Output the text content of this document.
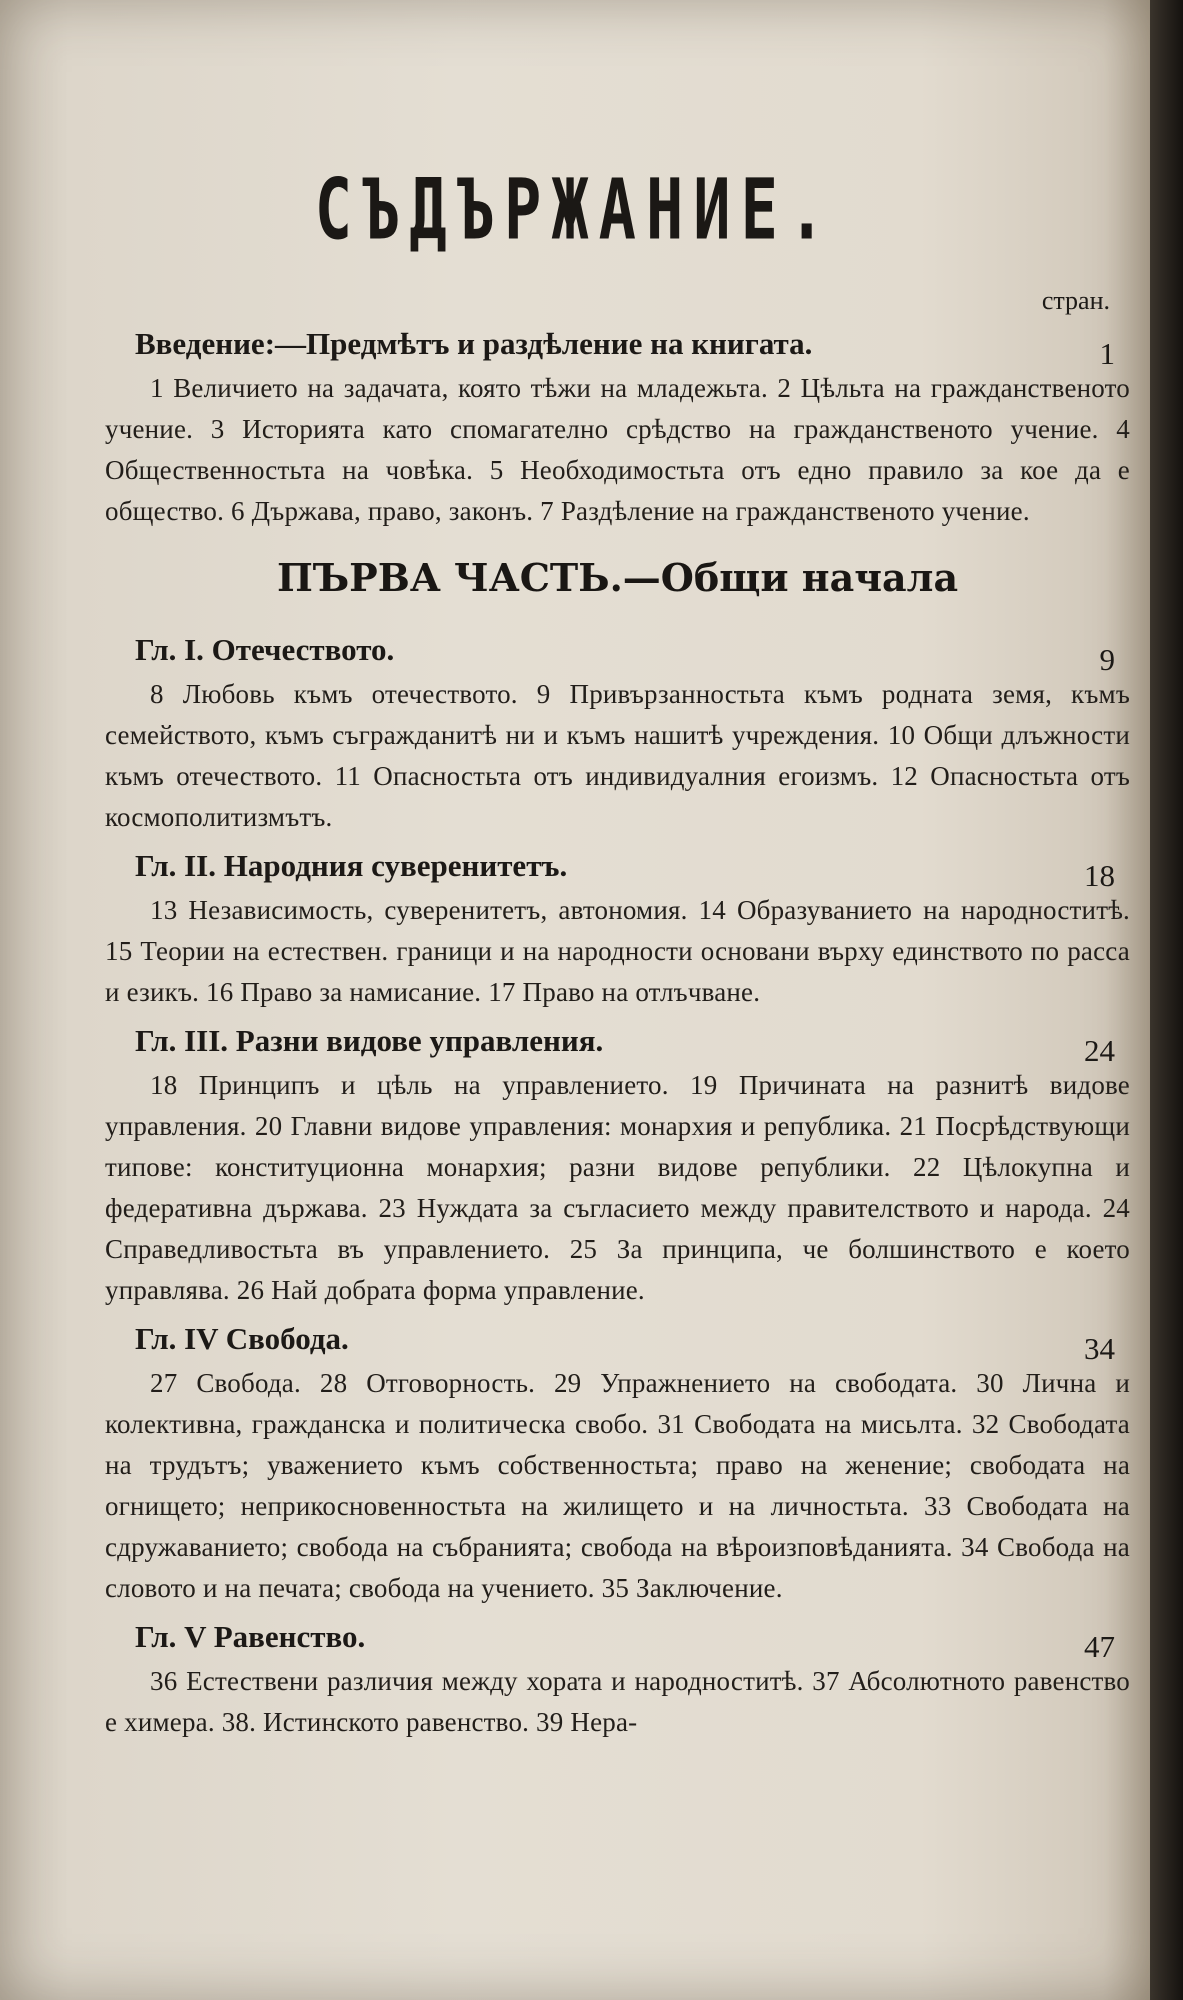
СЪДЪРЖАНИЕ.
стран.
Введение:—Предмѣтъ и раздѣление на книгата.	1

1 Величието на задачата, която тѣжи на младежьта. 2 Цѣльта на гражданственото учение. 3 Историята като спомагателно срѣдство на гражданственото учение. 4 Общественностьта на човѣка. 5 Необходимостьта отъ едно правило за кое да е общество. 6 Държава, право, законъ. 7 Раздѣление на гражданственото учение.

ПЪРВА ЧАСТЬ.—Общи начала
Гл. I. Отечеството.	9

8 Любовь къмъ отечеството. 9 Привързанностьта къмъ родната земя, къмъ семейството, къмъ съгражданитѣ ни и къмъ нашитѣ учреждения. 10 Общи длъжности къмъ отечеството. 11 Опасностьта отъ индивидуалния егоизмъ. 12 Опасностьта отъ космополитизмътъ.

Гл. II. Народния суверенитетъ.	18

13 Независимость, суверенитетъ, автономия. 14 Образуванието на народноститѣ. 15 Теории на естествен. граници и на народности основани върху единството по расса и езикъ. 16 Право за намисание. 17 Право на отлъчване.

Гл. III. Разни видове управления.	24

18 Принципъ и цѣль на управлението. 19 Причината на разнитѣ видове управления. 20 Главни видове управления: монархия и република. 21 Посрѣдствующи типове: конституционна монархия; разни видове републики. 22 Цѣлокупна и федеративна държава. 23 Нуждата за съгласието между правителството и народа. 24 Справедливостьта въ управлението. 25 За принципа, че болшинството е което управлява. 26 Най добрата форма управление.

Гл. IV Свобода.	34

27 Свобода. 28 Отговорность. 29 Упражнението на свободата. 30 Лична и колективна, гражданска и политическа свобо. 31 Свободата на мисьлта. 32 Свободата на трудътъ; уважението къмъ собственностьта; право на женение; свободата на огнището; неприкосновенностьта на жилището и на личностьта. 33 Свободата на сдружаванието; свобода на събранията; свобода на вѣроизповѣданията. 34 Свобода на словото и на печата; свобода на учението. 35 Заключение.

Гл. V Равенство.	47

36 Естествени различия между хората и народноститѣ. 37 Абсолютното равенство е химера. 38. Истинското равенство. 39 Нера-
